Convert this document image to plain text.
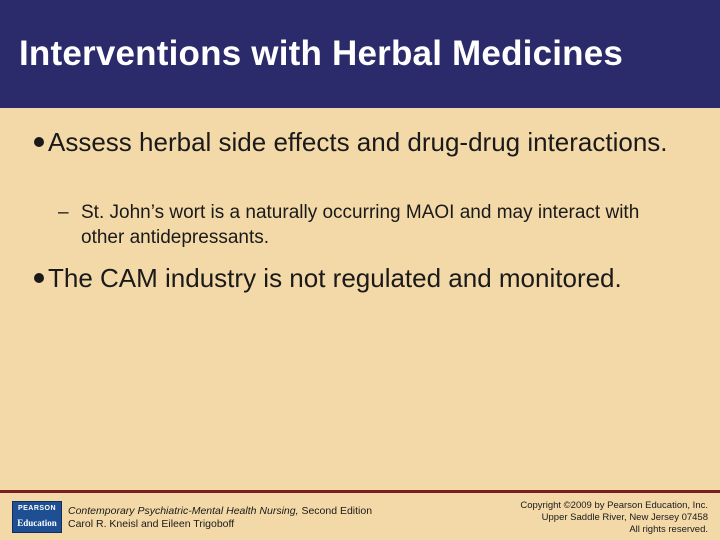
Interventions with Herbal Medicines
Assess herbal side effects and drug-drug interactions.
– St. John’s wort is a naturally occurring MAOI and may interact with other antidepressants.
The CAM industry is not regulated and monitored.
PEARSON
Education
Contemporary Psychiatric-Mental Health Nursing, Second Edition
Carol R. Kneisl and Eileen Trigoboff
Copyright ©2009 by Pearson Education, Inc.
Upper Saddle River, New Jersey 07458
All rights reserved.
